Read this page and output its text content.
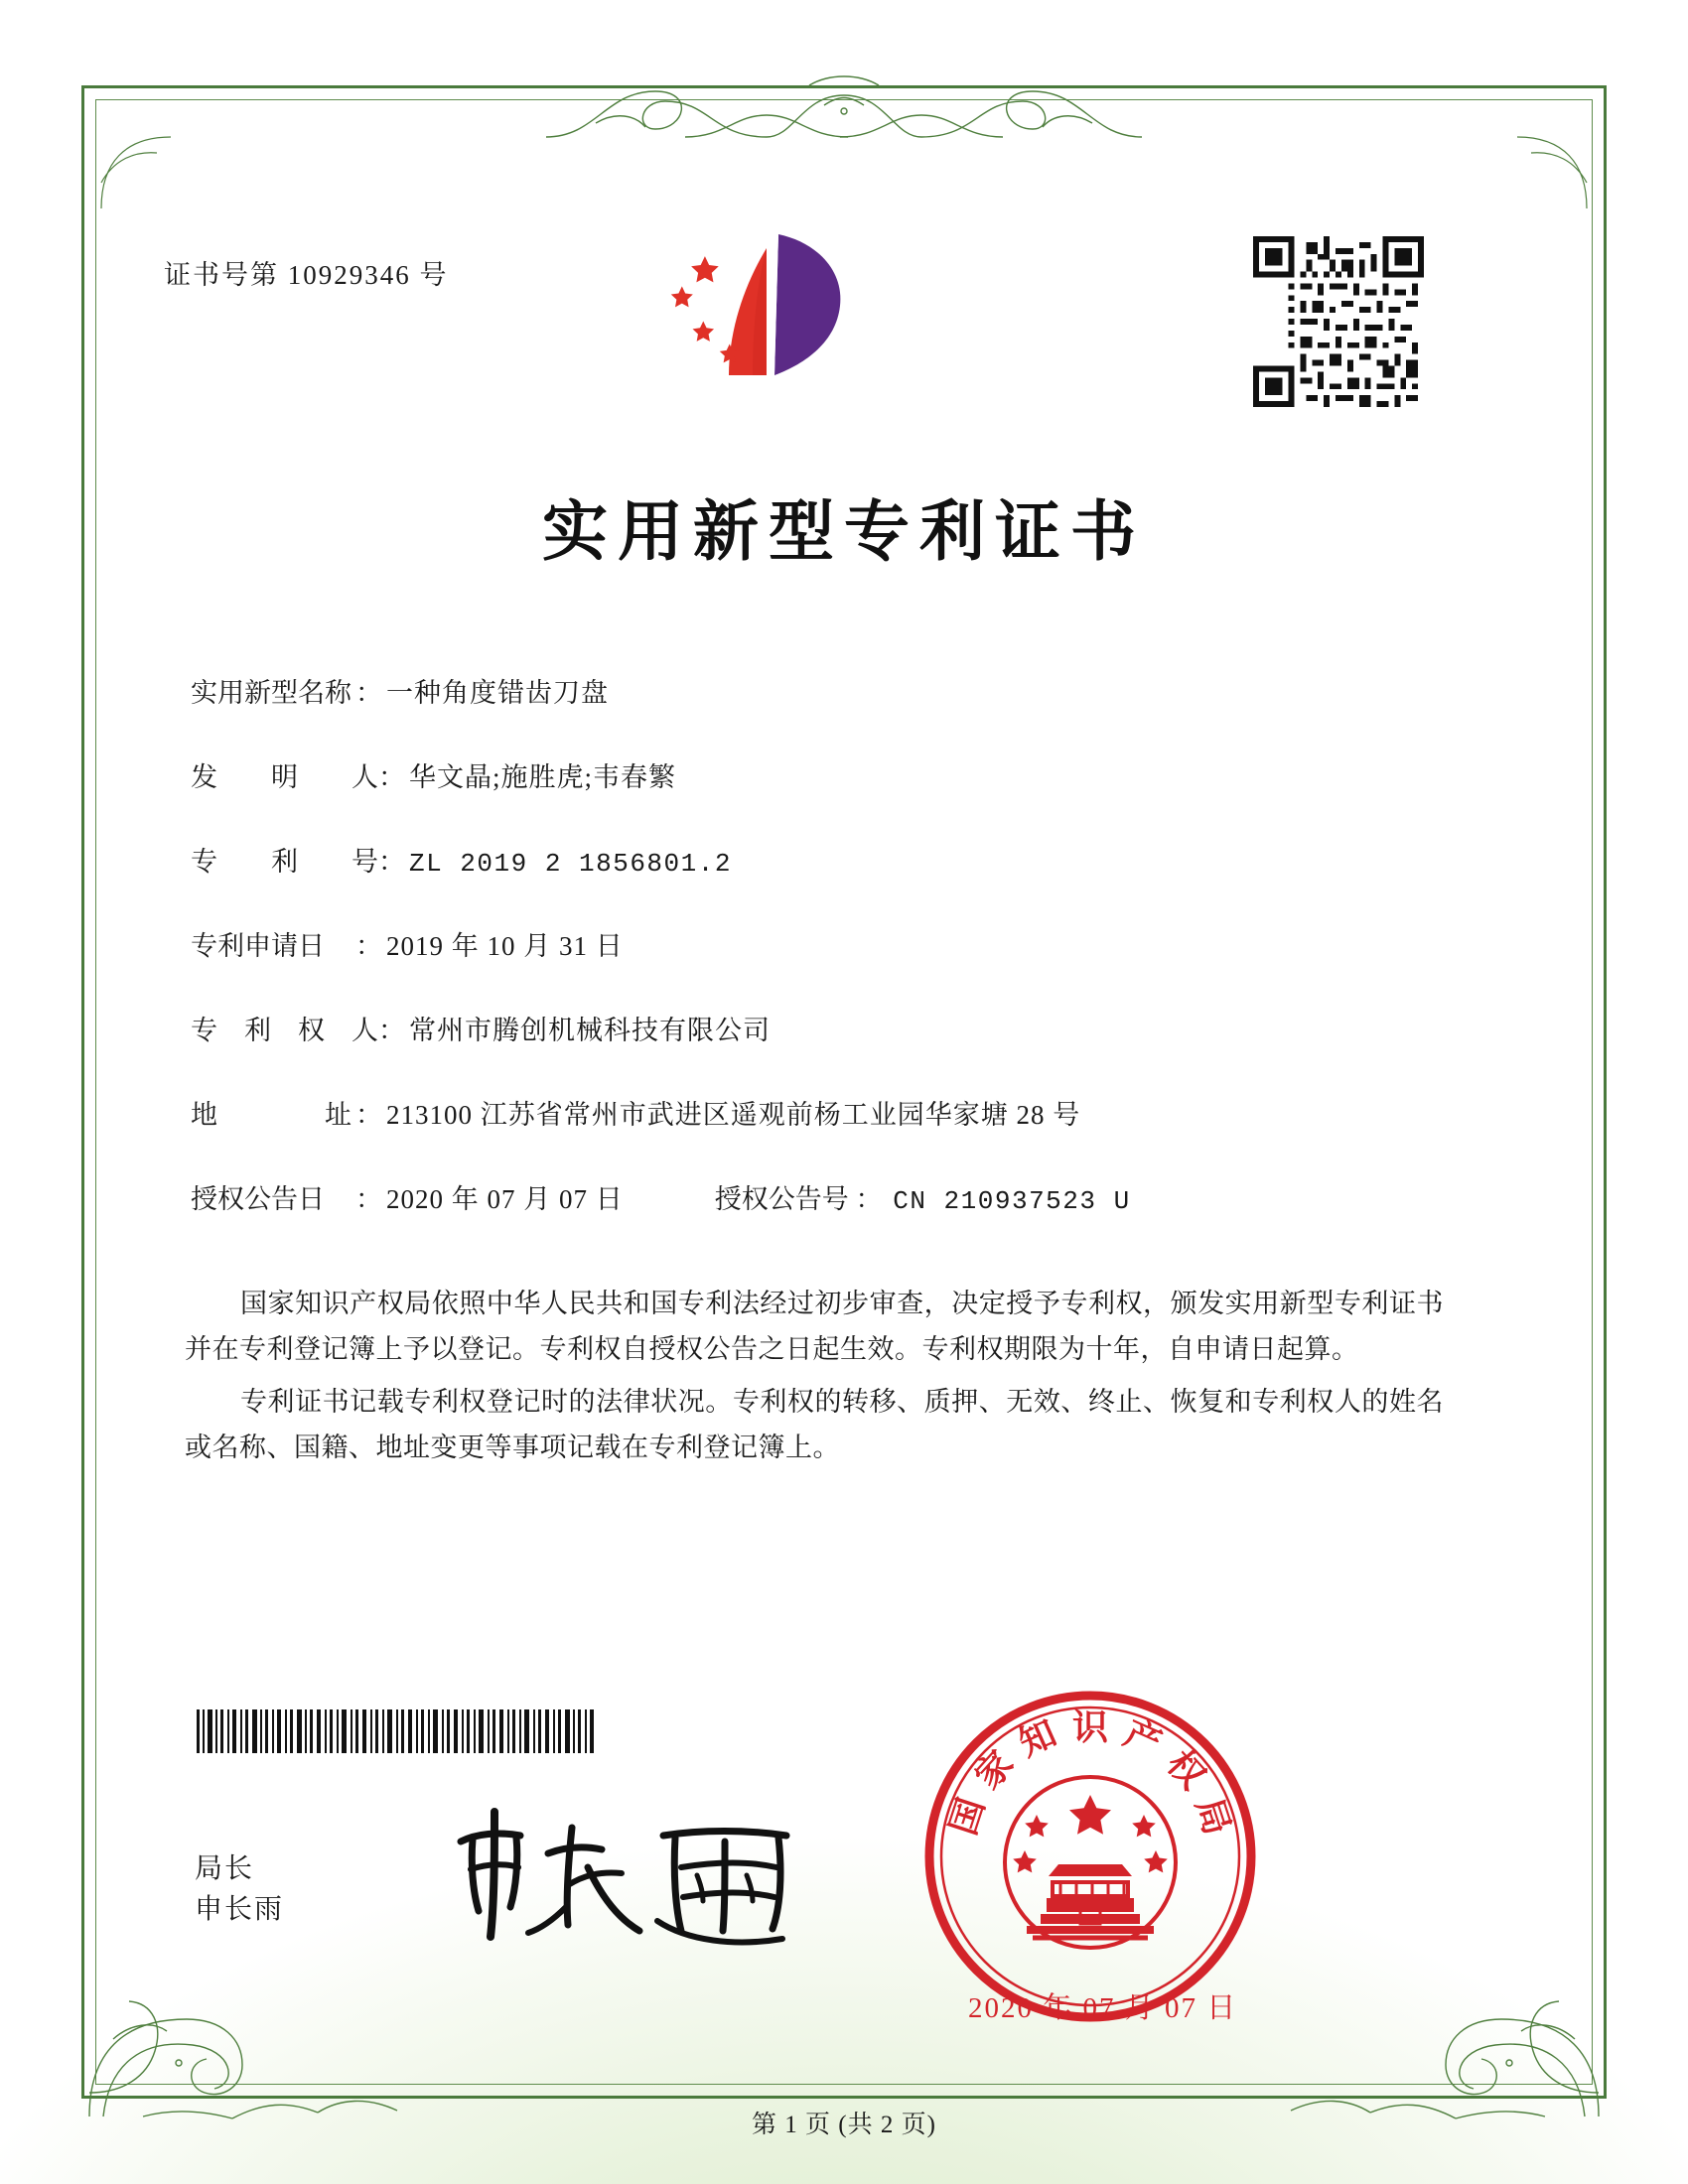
证书号第 10929346 号
实用新型专利证书
实用新型名称 ： 一种角度错齿刀盘
发　　明　　人 ： 华文晶;施胜虎;韦春繁
专　　利　　号 ： ZL 2019 2 1856801.2
专利申请日	： 2019 年 10 月 31 日
专　利　权　人 ： 常州市腾创机械科技有限公司
地　　　　址 ： 213100 江苏省常州市武进区遥观前杨工业园华家塘 28 号
授权公告日	： 2020 年 07 月 07 日	授权公告号 ： CN 210937523 U

国家知识产权局依照中华人民共和国专利法经过初步审查，决定授予专利权，颁发实用新型专利证书并在专利登记簿上予以登记。专利权自授权公告之日起生效。专利权期限为十年，自申请日起算。

专利证书记载专利权登记时的法律状况。专利权的转移、质押、无效、终止、恢复和专利权人的姓名或名称、国籍、地址变更等事项记载在专利登记簿上。

局长
申长雨
国
家
知 识 产
权
局
2020 年 07 月 07 日
第 1 页 (共 2 页)
